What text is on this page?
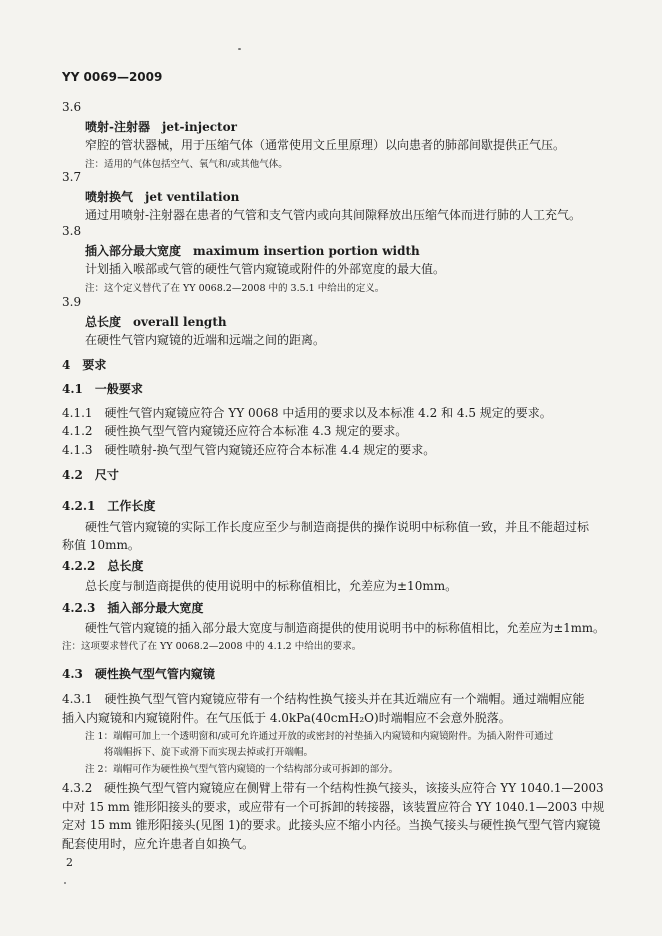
YY 0069—2009
3.6
喷射-注射器　jet-injector
窄腔的管状器械，用于压缩气体（通常使用文丘里原理）以向患者的肺部间歇提供正气压。
注：适用的气体包括空气、氧气和/或其他气体。
3.7
喷射换气　jet ventilation
通过用喷射-注射器在患者的气管和支气管内或向其间隙释放出压缩气体而进行肺的人工充气。
3.8
插入部分最大宽度　maximum insertion portion width
计划插入喉部或气管的硬性气管内窥镜或附件的外部宽度的最大值。
注：这个定义替代了在 YY 0068.2—2008 中的 3.5.1 中给出的定义。
3.9
总长度　overall length
在硬性气管内窥镜的近端和远端之间的距离。
4　要求
4.1　一般要求
4.1.1　硬性气管内窥镜应符合 YY 0068 中适用的要求以及本标准 4.2 和 4.5 规定的要求。
4.1.2　硬性换气型气管内窥镜还应符合本标准 4.3 规定的要求。
4.1.3　硬性喷射-换气型气管内窥镜还应符合本标准 4.4 规定的要求。
4.2　尺寸
4.2.1　工作长度
硬性气管内窥镜的实际工作长度应至少与制造商提供的操作说明中标称值一致，并且不能超过标
称值 10mm。
4.2.2　总长度
总长度与制造商提供的使用说明中的标称值相比，允差应为±10mm。
4.2.3　插入部分最大宽度
硬性气管内窥镜的插入部分最大宽度与制造商提供的使用说明书中的标称值相比，允差应为±1mm。
注：这项要求替代了在 YY 0068.2—2008 中的 4.1.2 中给出的要求。
4.3　硬性换气型气管内窥镜
4.3.1　硬性换气型气管内窥镜应带有一个结构性换气接头并在其近端应有一个端帽。通过端帽应能
插入内窥镜和内窥镜附件。在气压低于 4.0kPa(40cmH₂O)时端帽应不会意外脱落。
注 1：端帽可加上一个透明窗和/或可允许通过开放的或密封的衬垫插入内窥镜和内窥镜附件。为插入附件可通过
将端帽拆下、旋下或滑下而实现去掉或打开端帽。
注 2：端帽可作为硬性换气型气管内窥镜的一个结构部分或可拆卸的部分。
4.3.2　硬性换气型气管内窥镜应在侧臂上带有一个结构性换气接头，该接头应符合 YY 1040.1—2003
中对 15 mm 锥形阳接头的要求，或应带有一个可拆卸的转接器，该装置应符合 YY 1040.1—2003 中规
定对 15 mm 锥形阳接头(见图 1)的要求。此接头应不缩小内径。当换气接头与硬性换气型气管内窥镜
配套使用时，应允许患者自如换气。
2
